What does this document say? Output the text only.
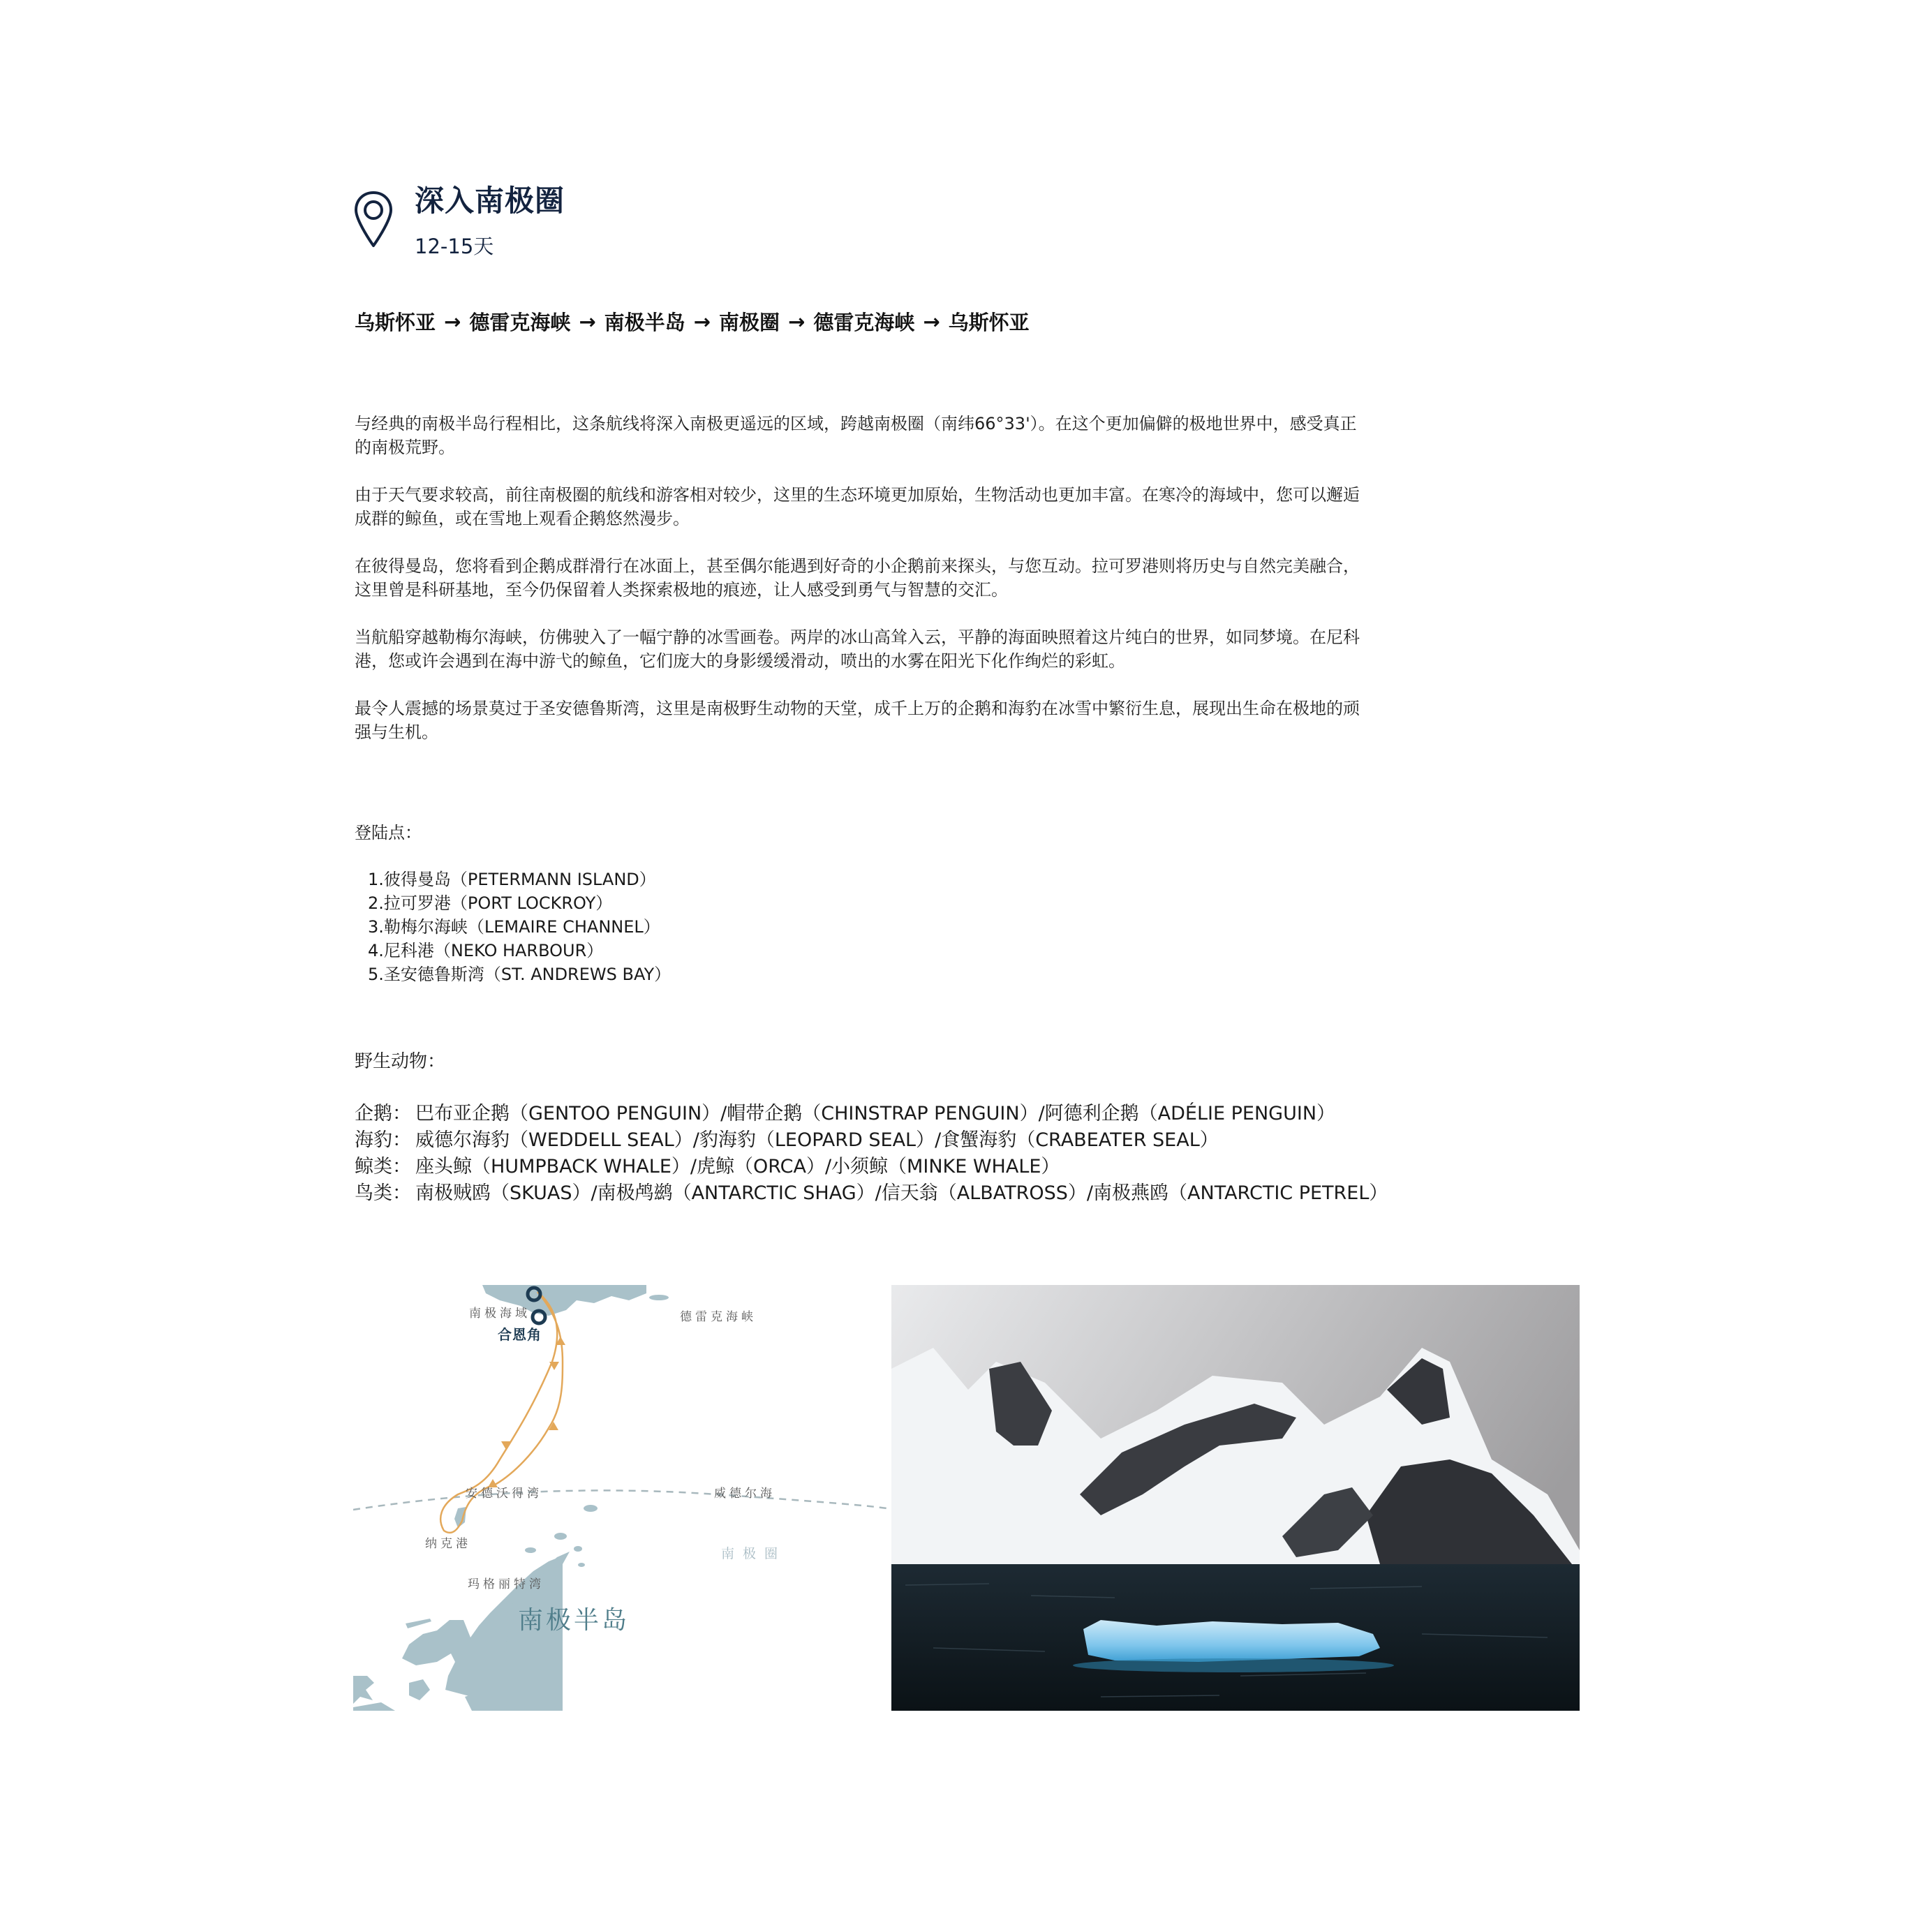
深入南极圈
12-15天
乌斯怀亚 → 德雷克海峡 → 南极半岛 → 南极圈 → 德雷克海峡 → 乌斯怀亚

与经典的南极半岛行程相比，这条航线将深入南极更遥远的区域，跨越南极圈（南纬66°33'）。在这个更加偏僻的极地世界中，感受真正的南极荒野。

由于天气要求较高，前往南极圈的航线和游客相对较少，这里的生态环境更加原始，生物活动也更加丰富。在寒冷的海域中，您可以邂逅成群的鲸鱼，或在雪地上观看企鹅悠然漫步。

在彼得曼岛，您将看到企鹅成群滑行在冰面上，甚至偶尔能遇到好奇的小企鹅前来探头，与您互动。拉可罗港则将历史与自然完美融合，这里曾是科研基地，至今仍保留着人类探索极地的痕迹，让人感受到勇气与智慧的交汇。

当航船穿越勒梅尔海峡，仿佛驶入了一幅宁静的冰雪画卷。两岸的冰山高耸入云，平静的海面映照着这片纯白的世界，如同梦境。在尼科港，您或许会遇到在海中游弋的鲸鱼，它们庞大的身影缓缓滑动，喷出的水雾在阳光下化作绚烂的彩虹。

最令人震撼的场景莫过于圣安德鲁斯湾，这里是南极野生动物的天堂，成千上万的企鹅和海豹在冰雪中繁衍生息，展现出生命在极地的顽强与生机。

登陆点：
1.彼得曼岛（PETERMANN ISLAND）
2.拉可罗港（PORT LOCKROY）
3.勒梅尔海峡（LEMAIRE CHANNEL）
4.尼科港（NEKO HARBOUR）
5.圣安德鲁斯湾（ST. ANDREWS BAY）
野生动物：
企鹅： 巴布亚企鹅（GENTOO PENGUIN）/帽带企鹅（CHINSTRAP PENGUIN）/阿德利企鹅（ADÉLIE PENGUIN）
海豹： 威德尔海豹（WEDDELL SEAL）/豹海豹（LEOPARD SEAL）/食蟹海豹（CRABEATER SEAL）
鲸类： 座头鲸（HUMPBACK WHALE）/虎鲸（ORCA）/小须鲸（MINKE WHALE）
鸟类： 南极贼鸥（SKUAS）/南极鸬鹚（ANTARCTIC SHAG）/信天翁（ALBATROSS）/南极燕鸥（ANTARCTIC PETREL）
南极海域
合恩角
德雷克海峡
安德沃得湾	威德尔海
纳克港
南极圈
玛格丽特湾
南极半岛
